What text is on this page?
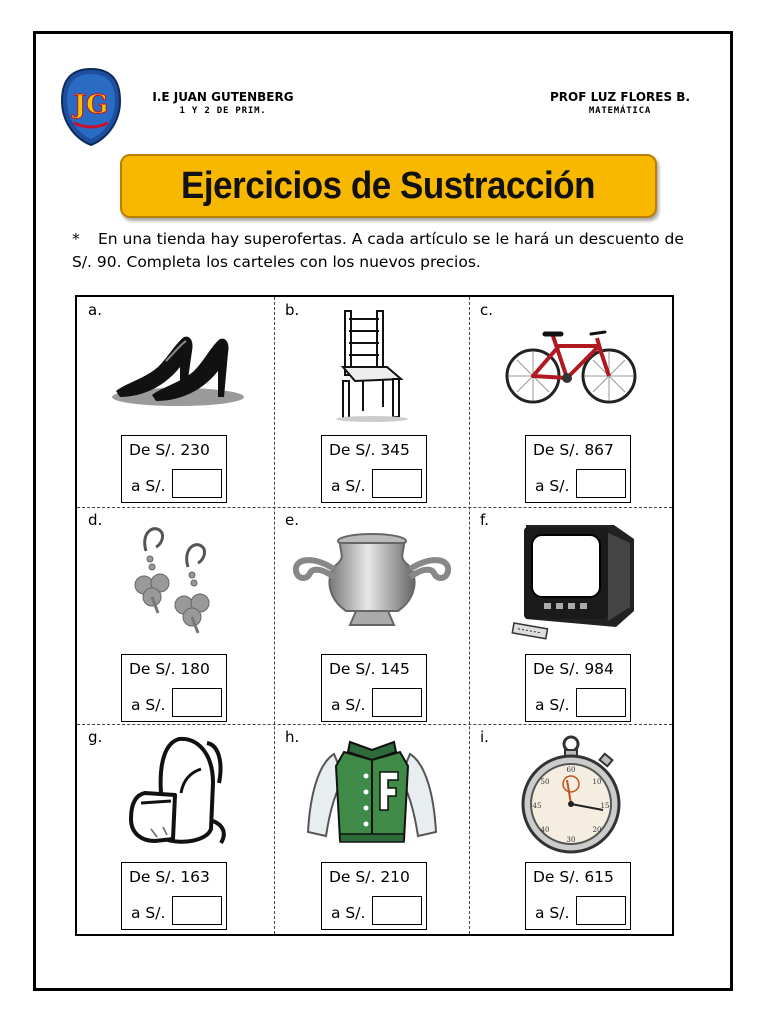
JG	I.E JUAN GUTENBERG
1 Y 2 DE PRIM.
PROF LUZ FLORES B.
MATEMÁTICA
Ejercicios de Sustracción
* En una tienda hay superofertas. A cada artículo se le hará un descuento de S/. 90. Completa los carteles con los nuevos precios.
a.
De S/. 230
a S/.
b.
De S/. 345
a S/.
c.
De S/. 867
a S/.
d.
De S/. 180
a S/.
e.
De S/. 145
a S/.
f.
De S/. 984
a S/.
g.
De S/. 163
a S/.
h.
De S/. 210
a S/.
i.
60
10
15
20
30
40
45
50
De S/. 615
a S/.
